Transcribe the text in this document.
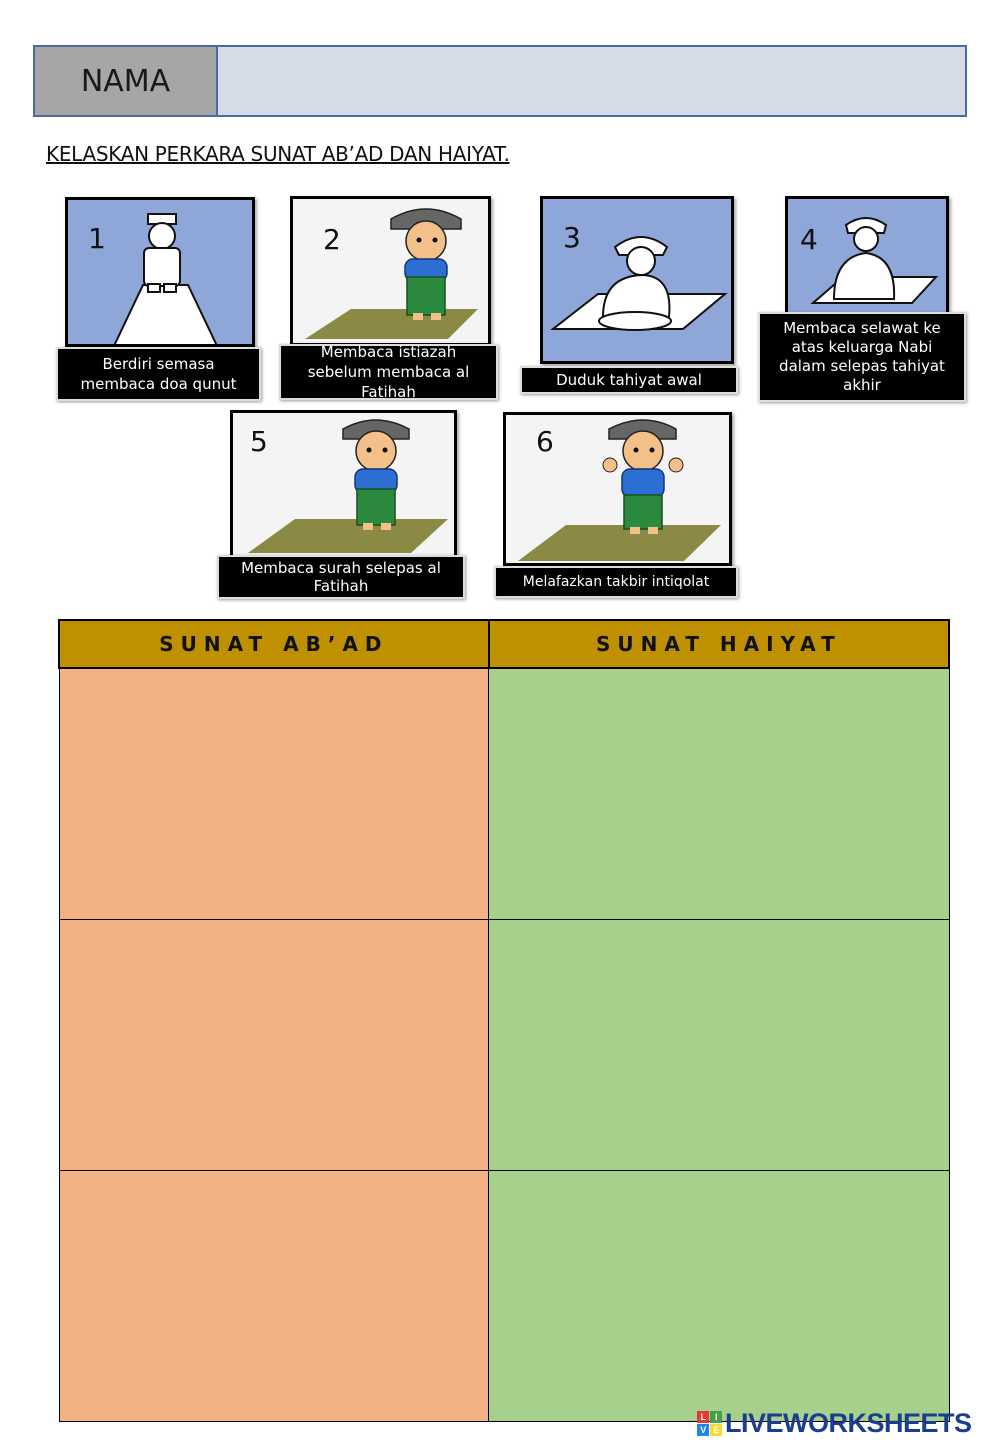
NAMA
KELASKAN PERKARA SUNAT AB’AD DAN HAIYAT.
1
Berdiri semasa membaca doa qunut
2
Membaca istiazah sebelum membaca al Fatihah
3
Duduk tahiyat awal
4
Membaca selawat ke atas keluarga Nabi dalam selepas tahiyat akhir
5
Membaca surah selepas al Fatihah
6
Melafazkan takbir intiqolat
SUNAT AB’AD	SUNAT HAIYAT

L	I
V E LIVEWORKSHEETS
